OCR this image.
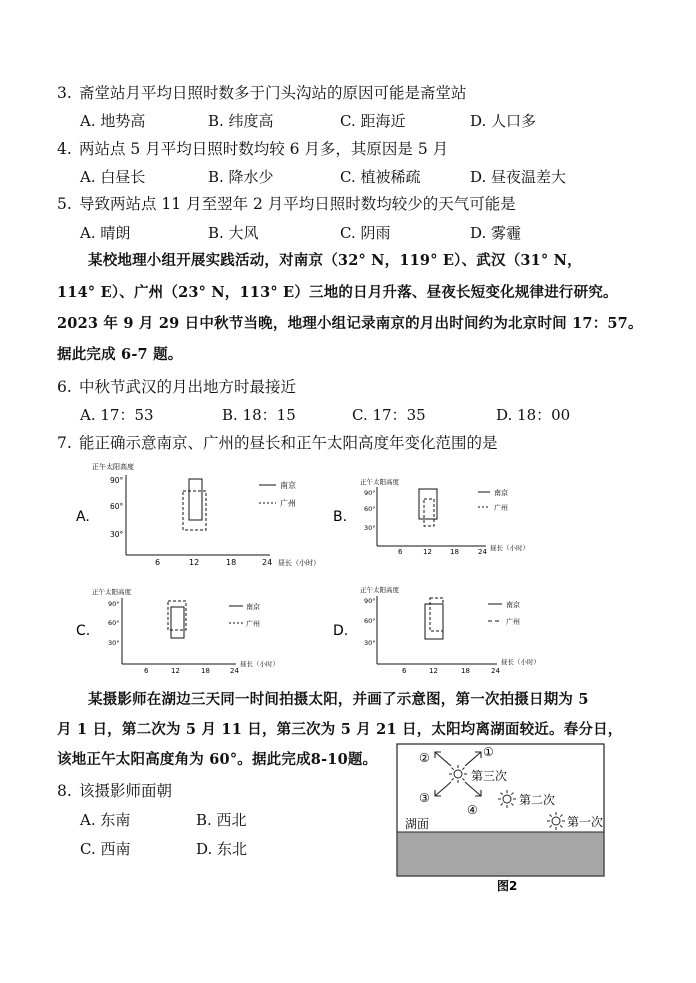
3. 斋堂站月平均日照时数多于门头沟站的原因可能是斋堂站
A. 地势高	B. 纬度高	C. 距海近	D. 人口多
4. 两站点 5 月平均日照时数均较 6 月多，其原因是 5 月
A. 白昼长	B. 降水少	C. 植被稀疏	D. 昼夜温差大
5. 导致两站点 11 月至翌年 2 月平均日照时数均较少的天气可能是
A. 晴朗	B. 大风	C. 阴雨	D. 雾霾
某校地理小组开展实践活动，对南京（32° N，119° E）、武汉（31° N，
114° E）、广州（23° N，113° E）三地的日月升落、昼夜长短变化规律进行研究。
2023 年 9 月 29 日中秋节当晚，地理小组记录南京的月出时间约为北京时间 17：57。
据此完成 6-7 题。
6. 中秋节武汉的月出地方时最接近
A. 17：53	B. 18：15	C. 17：35	D. 18：00
7. 能正确示意南京、广州的昼长和正午太阳高度年变化范围的是
A.
正午太阳高度
90°
60°
30°
6	12	18	24 昼长（小时）
南京
广州
B.
正午太阳高度
90°
60°
30°
6	12	18	24 昼长（小时）
南京
广州
C.
正午太阳高度
90°
60°
30°
6	12	18	24
昼长（小时）
南京
广州	D.
正午太阳高度
90°
60°
30°
6	12	18	24
昼长（小时）
南京
广州
某摄影师在湖边三天同一时间拍摄太阳，并画了示意图，第一次拍摄日期为 5
月 1 日，第二次为 5 月 11 日，第三次为 5 月 21 日，太阳均离湖面较近。春分日，
该地正午太阳高度角为 60°。据此完成8-10题。
8. 该摄影师面朝
A. 东南	B. 西北
C. 西南	D. 东北
湖面
第三次
①
②
③
④
第二次
第一次
图2
